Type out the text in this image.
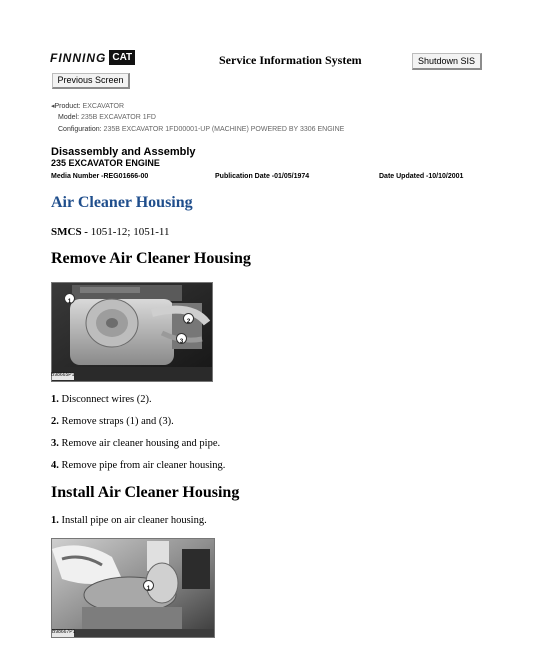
FINNING CAT	Service Information System	Shutdown SIS
Previous Screen
◂Product: EXCAVATOR
Model: 235B EXCAVATOR 1FD
Configuration: 235B EXCAVATOR 1FD00001-UP (MACHINE) POWERED BY 3306 ENGINE
Disassembly and Assembly
235 EXCAVATOR ENGINE
Media Number -REG01666-00	Publication Date -01/05/1974	Date Updated -10/10/2001
Air Cleaner Housing
SMCS - 1051-12; 1051-11
Remove Air Cleaner Housing
B98665P1
1
2
3
1. Disconnect wires (2).
2. Remove straps (1) and (3).
3. Remove air cleaner housing and pipe.
4. Remove pipe from air cleaner housing.
Install Air Cleaner Housing
1. Install pipe on air cleaner housing.
B98667P1
1
